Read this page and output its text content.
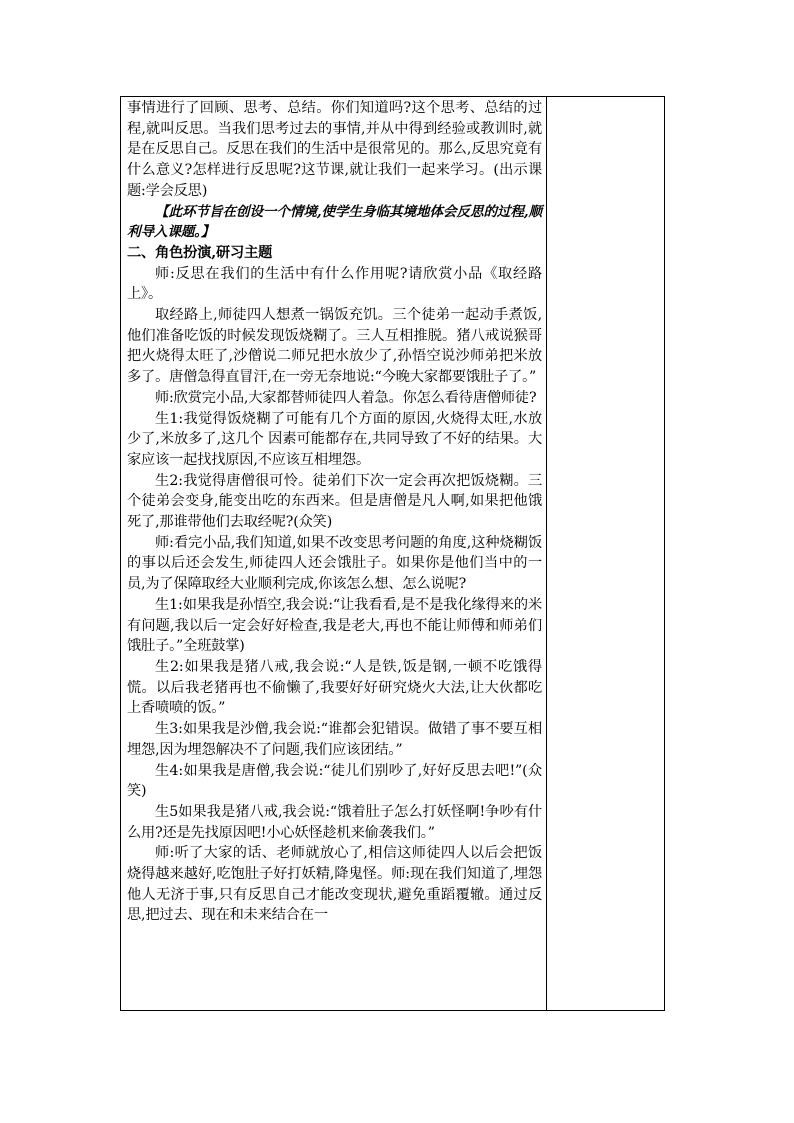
事情进行了回顾、思考、总结。你们知道吗?这个思考、总结的过程,就叫反思。当我们思考过去的事情,并从中得到经验或教训时,就是在反思自己。反思在我们的生活中是很常见的。那么,反思究竟有什么意义?怎样进行反思呢?这节课,就让我们一起来学习。(出示课题:学会反思)

【此环节旨在创设一个情境,使学生身临其境地体会反思的过程,顺利导入课题。】

二、角色扮演,研习主题

师:反思在我们的生活中有什么作用呢?请欣赏小品《取经路上》。

取经路上,师徒四人想煮一锅饭充饥。三个徒弟一起动手煮饭,他们准备吃饭的时候发现饭烧糊了。三人互相推脱。猪八戒说猴哥把火烧得太旺了,沙僧说二师兄把水放少了,孙悟空说沙师弟把米放多了。唐僧急得直冒汗,在一旁无奈地说:“今晚大家都要饿肚子了。”

师:欣赏完小品,大家都替师徒四人着急。你怎么看待唐僧师徒?

生1:我觉得饭烧糊了可能有几个方面的原因,火烧得太旺,水放少了,米放多了,这几个 因素可能都存在,共同导致了不好的结果。大家应该一起找找原因,不应该互相埋怨。

生2:我觉得唐僧很可怜。徒弟们下次一定会再次把饭烧糊。三个徒弟会变身,能变出吃的东西来。但是唐僧是凡人啊,如果把他饿死了,那谁带他们去取经呢?(众笑)

师:看完小品,我们知道,如果不改变思考问题的角度,这种烧糊饭的事以后还会发生,师徒四人还会饿肚子。如果你是他们当中的一员,为了保障取经大业顺利完成,你该怎么想、怎么说呢?

生1:如果我是孙悟空,我会说:“让我看看,是不是我化缘得来的米有问题,我以后一定会好好检查,我是老大,再也不能让师傅和师弟们饿肚子。”全班鼓掌)

生2:如果我是猪八戒,我会说:“人是铁,饭是钢,一顿不吃饿得慌。以后我老猪再也不偷懒了,我要好好研究烧火大法,让大伙都吃上香喷喷的饭。”

生3:如果我是沙僧,我会说:“谁都会犯错误。做错了事不要互相埋怨,因为埋怨解决不了问题,我们应该团结。”

生4:如果我是唐僧,我会说:“徒儿们别吵了,好好反思去吧!”(众笑)

生5如果我是猪八戒,我会说:“饿着肚子怎么打妖怪啊!争吵有什么用?还是先找原因吧!小心妖怪趁机来偷袭我们。”

师:听了大家的话、老师就放心了,相信这师徒四人以后会把饭烧得越来越好,吃饱肚子好打妖精,降鬼怪。师:现在我们知道了,埋怨他人无济于事,只有反思自己才能改变现状,避免重蹈覆辙。通过反思,把过去、现在和未来结合在一
